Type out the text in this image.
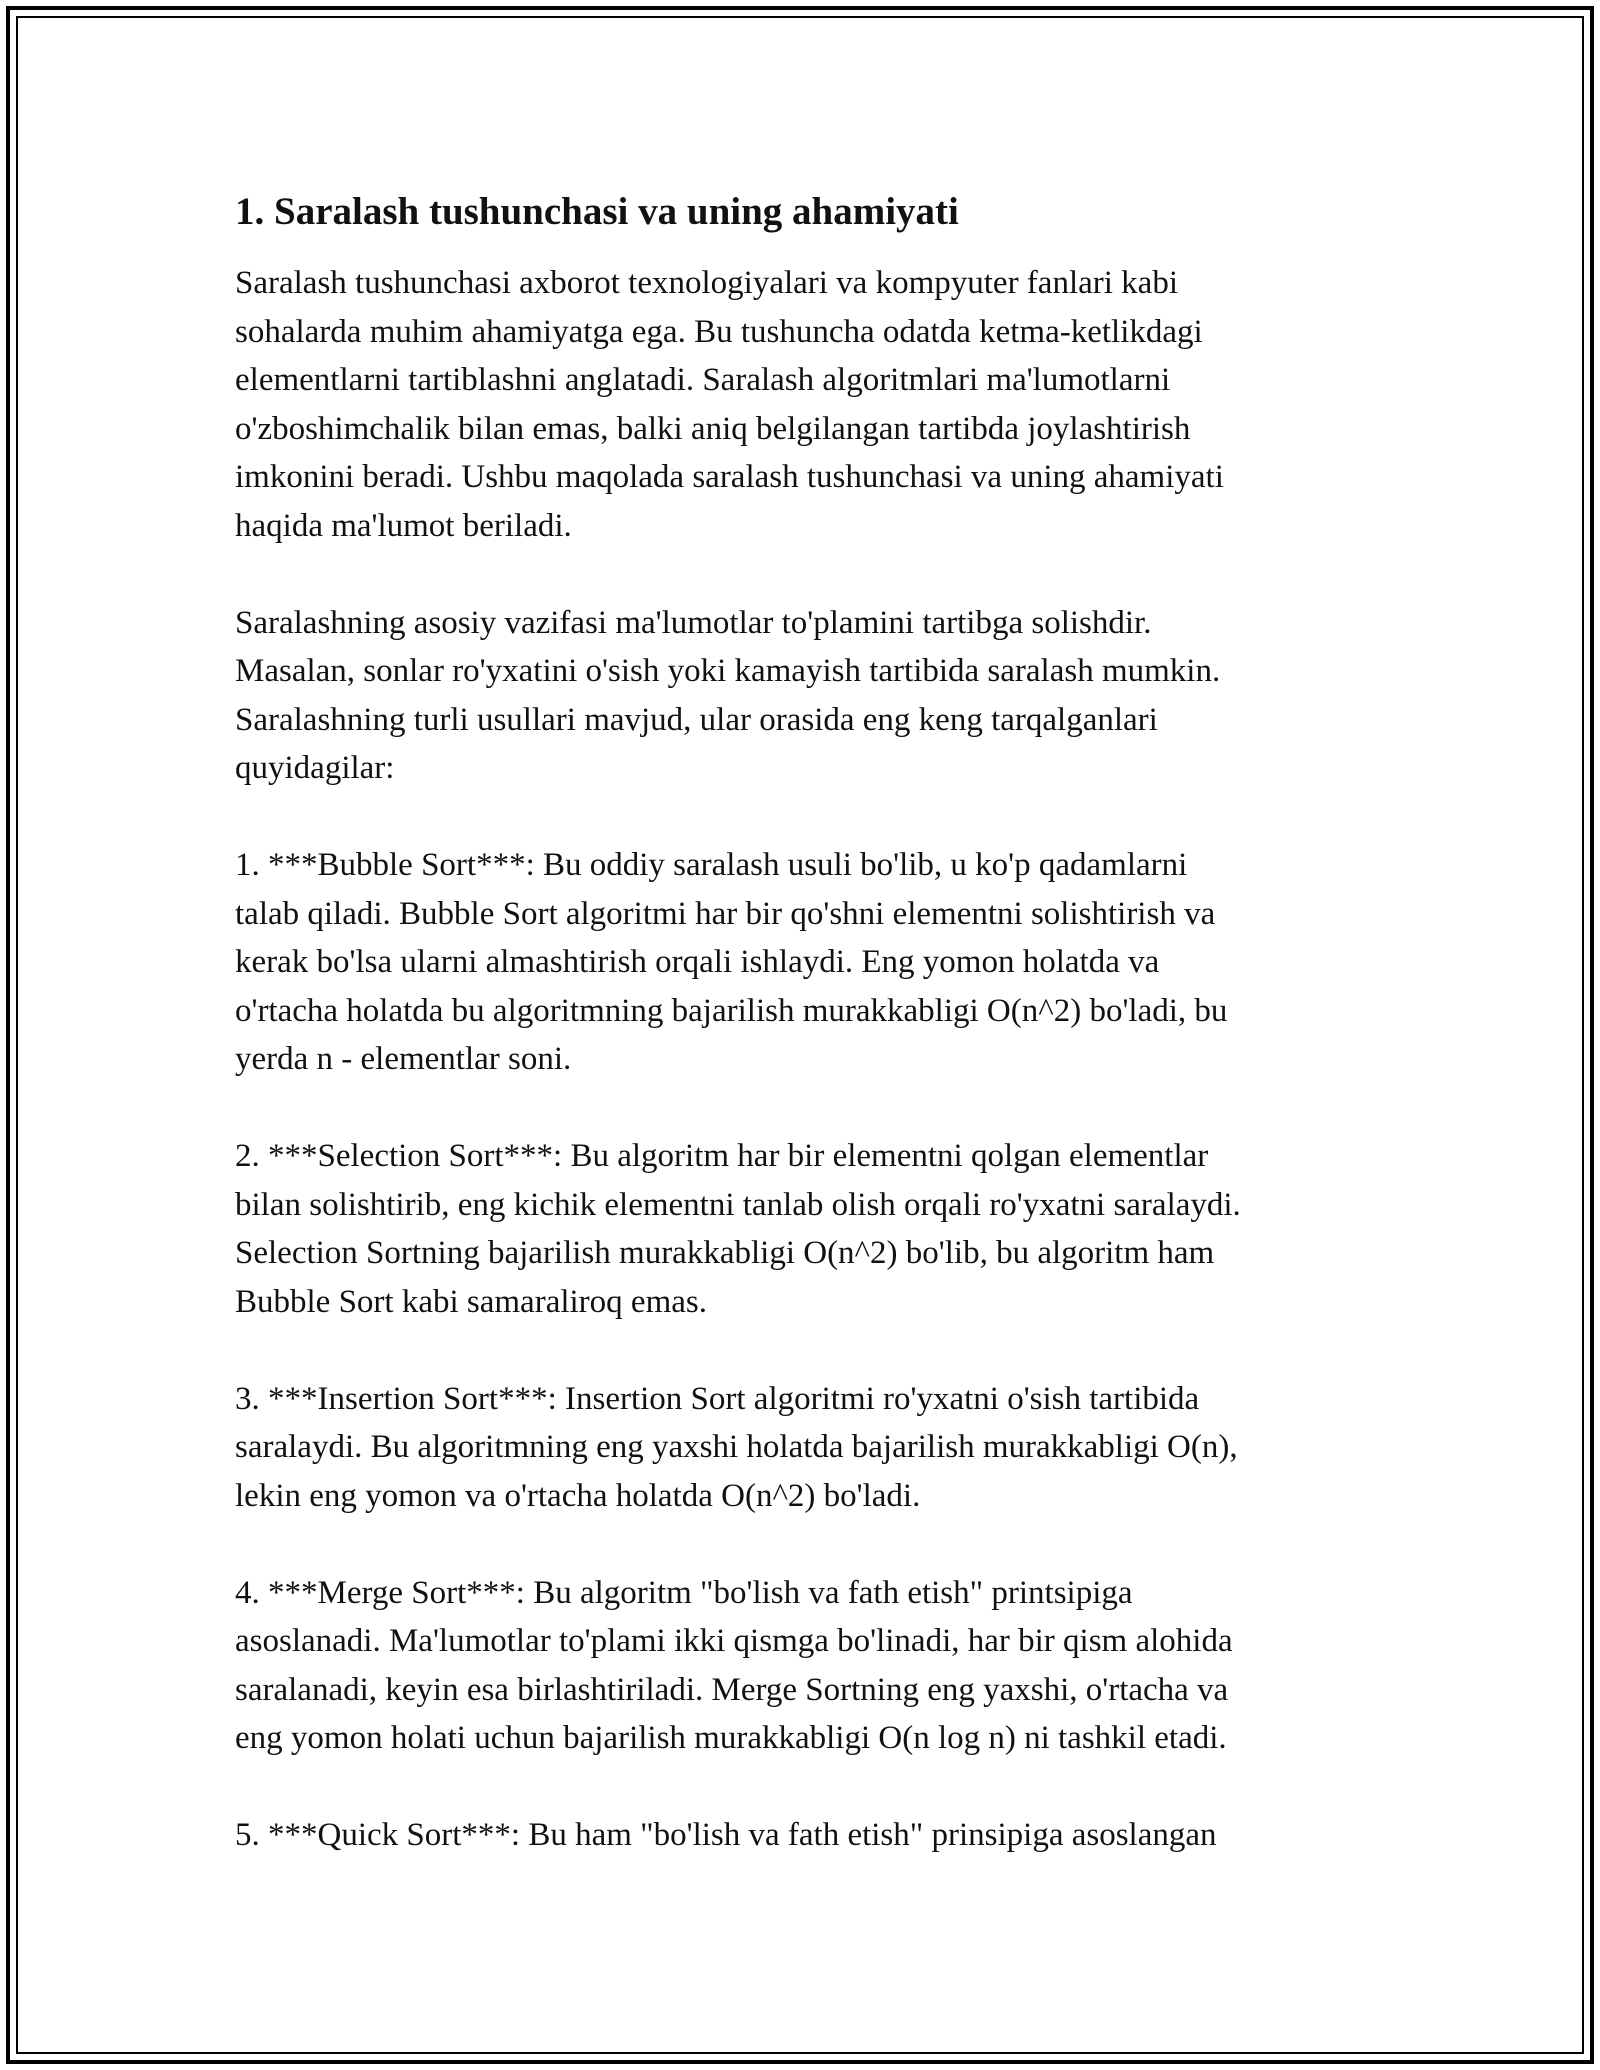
1. Saralash tushunchasi va uning ahamiyati
Saralash tushunchasi axborot texnologiyalari va kompyuter fanlari kabi
sohalarda muhim ahamiyatga ega. Bu tushuncha odatda ketma-ketlikdagi
elementlarni tartiblashni anglatadi. Saralash algoritmlari ma'lumotlarni
o'zboshimchalik bilan emas, balki aniq belgilangan tartibda joylashtirish
imkonini beradi. Ushbu maqolada saralash tushunchasi va uning ahamiyati
haqida ma'lumot beriladi.
Saralashning asosiy vazifasi ma'lumotlar to'plamini tartibga solishdir.
Masalan, sonlar ro'yxatini o'sish yoki kamayish tartibida saralash mumkin.
Saralashning turli usullari mavjud, ular orasida eng keng tarqalganlari
quyidagilar:
1. ***Bubble Sort***: Bu oddiy saralash usuli bo'lib, u ko'p qadamlarni
talab qiladi. Bubble Sort algoritmi har bir qo'shni elementni solishtirish va
kerak bo'lsa ularni almashtirish orqali ishlaydi. Eng yomon holatda va
o'rtacha holatda bu algoritmning bajarilish murakkabligi O(n^2) bo'ladi, bu
yerda n - elementlar soni.
2. ***Selection Sort***: Bu algoritm har bir elementni qolgan elementlar
bilan solishtirib, eng kichik elementni tanlab olish orqali ro'yxatni saralaydi.
Selection Sortning bajarilish murakkabligi O(n^2) bo'lib, bu algoritm ham
Bubble Sort kabi samaraliroq emas.
3. ***Insertion Sort***: Insertion Sort algoritmi ro'yxatni o'sish tartibida
saralaydi. Bu algoritmning eng yaxshi holatda bajarilish murakkabligi O(n),
lekin eng yomon va o'rtacha holatda O(n^2) bo'ladi.
4. ***Merge Sort***: Bu algoritm "bo'lish va fath etish" printsipiga
asoslanadi. Ma'lumotlar to'plami ikki qismga bo'linadi, har bir qism alohida
saralanadi, keyin esa birlashtiriladi. Merge Sortning eng yaxshi, o'rtacha va
eng yomon holati uchun bajarilish murakkabligi O(n log n) ni tashkil etadi.
5. ***Quick Sort***: Bu ham "bo'lish va fath etish" prinsipiga asoslangan
